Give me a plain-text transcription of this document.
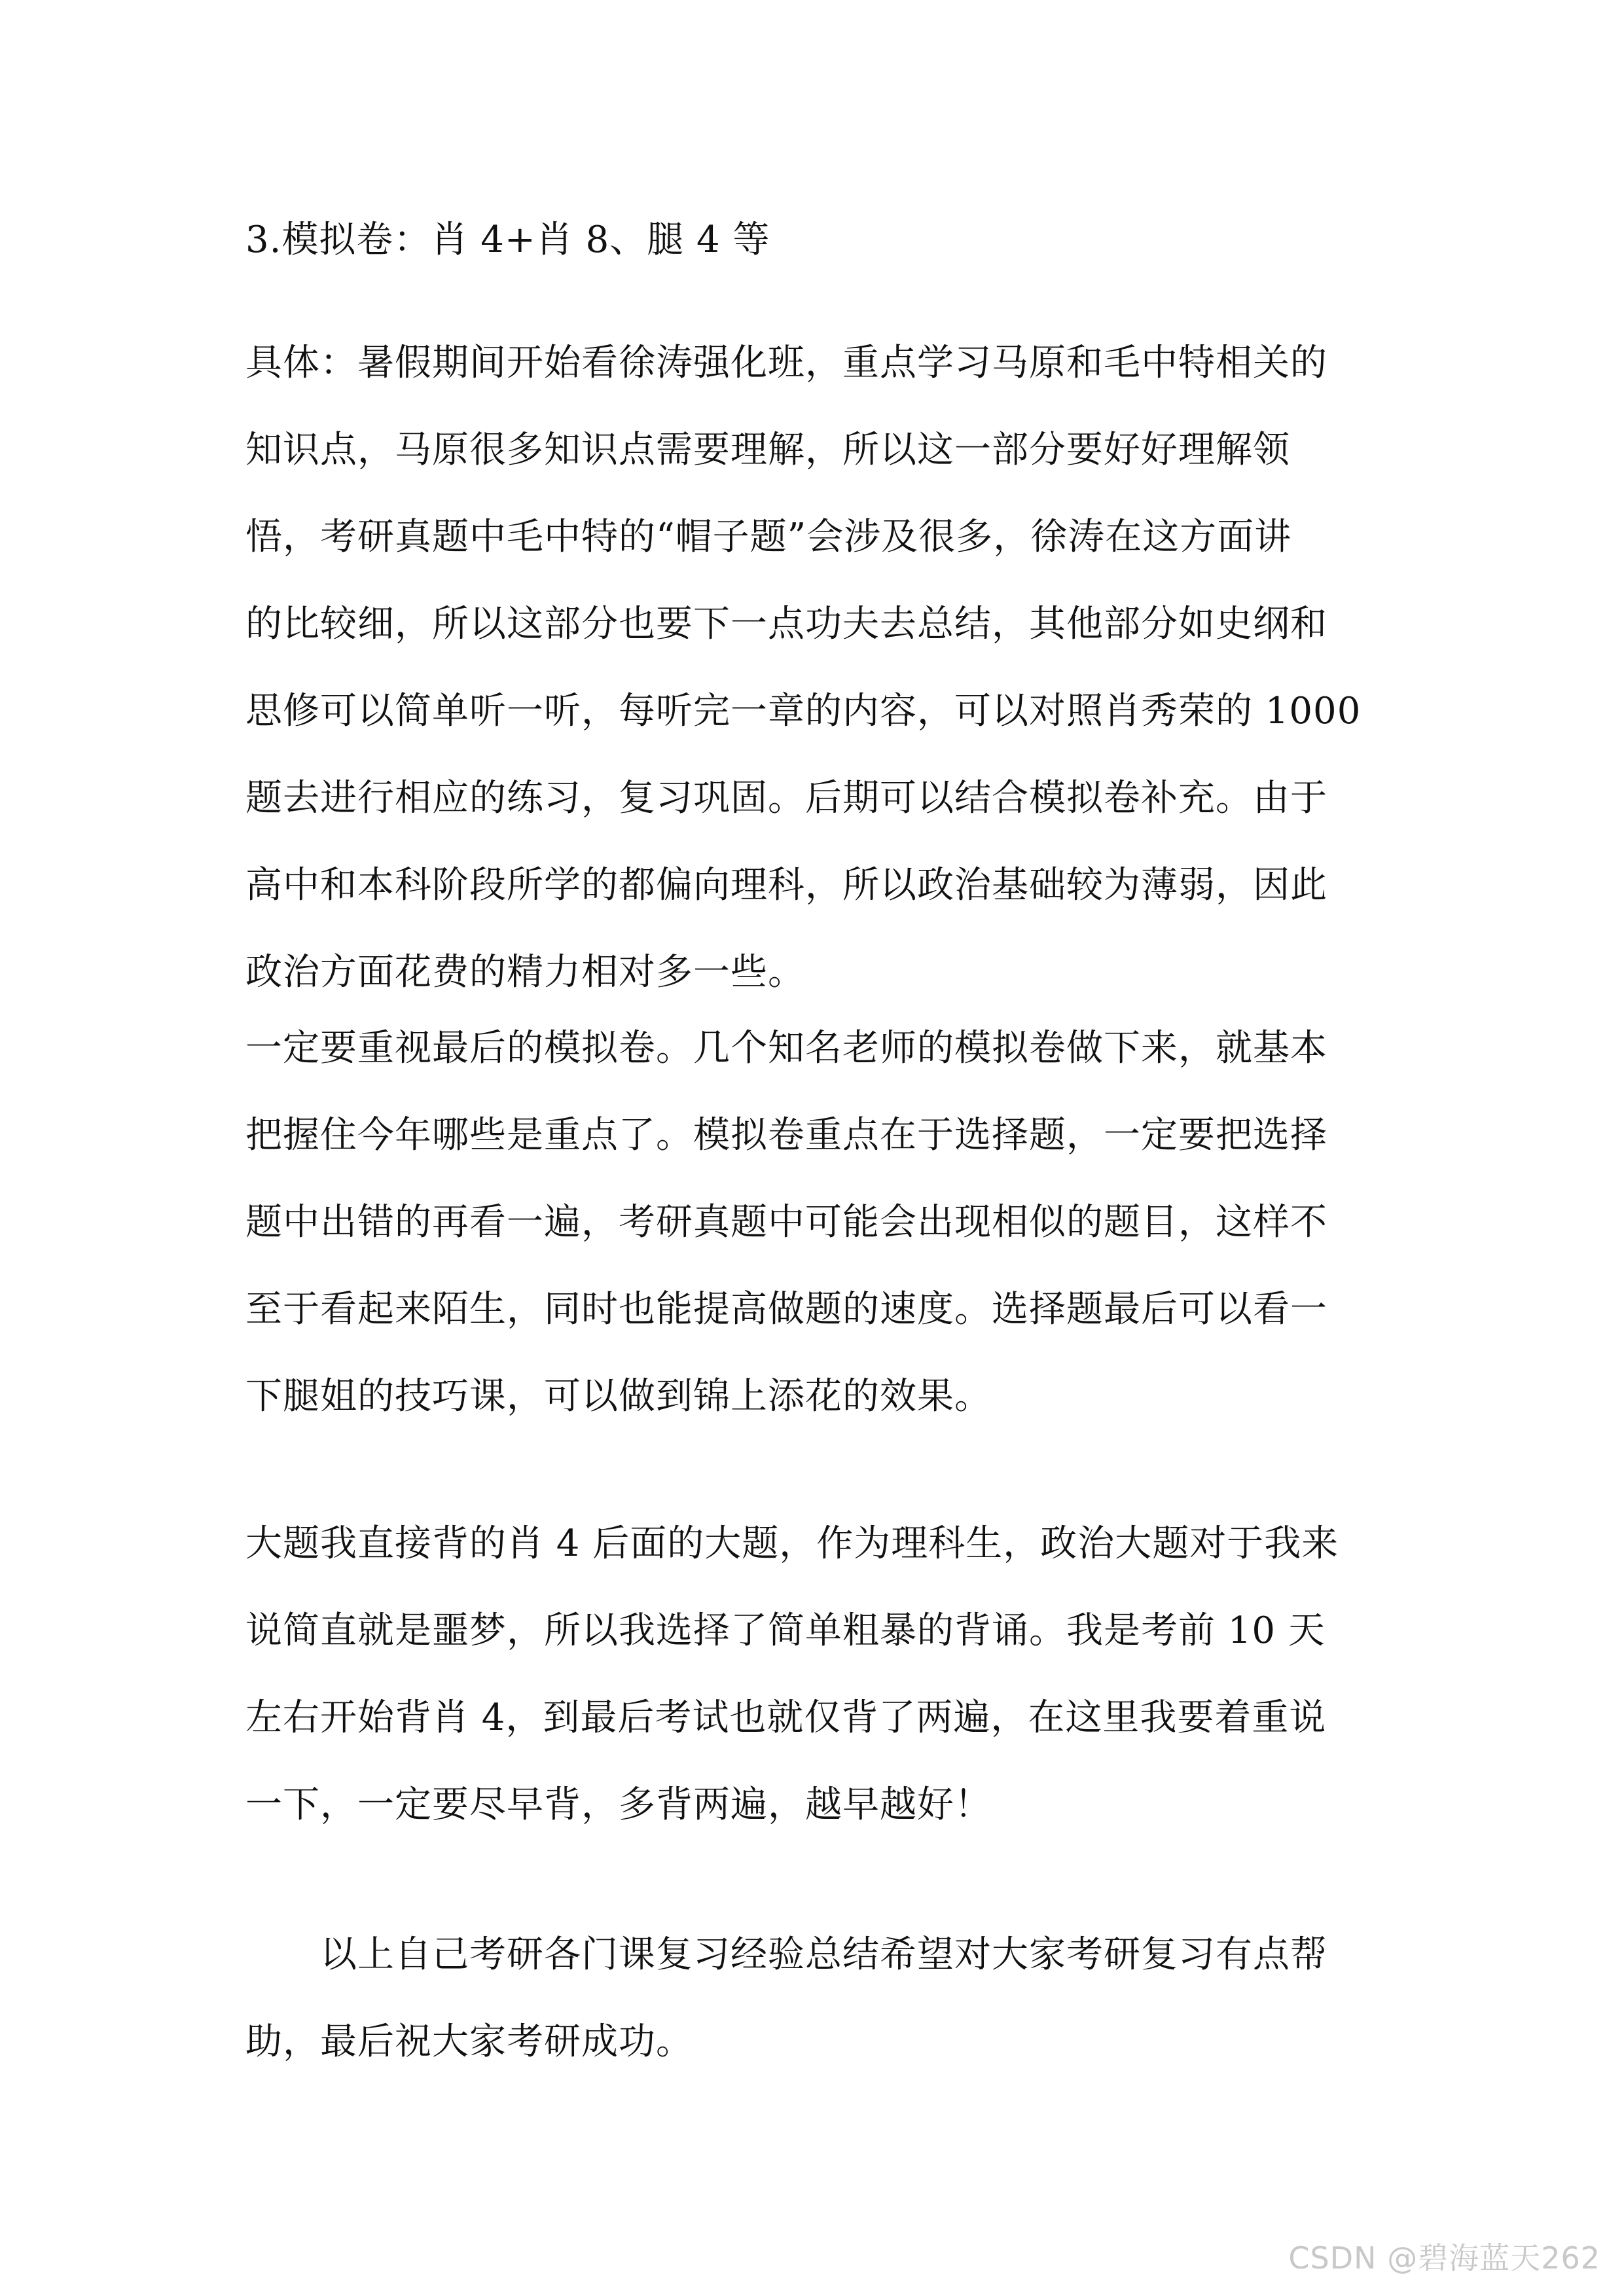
3.模拟卷：肖 4+肖 8、腿 4 等

具体：暑假期间开始看徐涛强化班，重点学习马原和毛中特相关的
知识点，马原很多知识点需要理解，所以这一部分要好好理解领
悟，考研真题中毛中特的“帽子题”会涉及很多，徐涛在这方面讲
的比较细，所以这部分也要下一点功夫去总结，其他部分如史纲和
思修可以简单听一听，每听完一章的内容，可以对照肖秀荣的 1000
题去进行相应的练习，复习巩固。后期可以结合模拟卷补充。由于
高中和本科阶段所学的都偏向理科，所以政治基础较为薄弱，因此
政治方面花费的精力相对多一些。

一定要重视最后的模拟卷。几个知名老师的模拟卷做下来，就基本
把握住今年哪些是重点了。模拟卷重点在于选择题，一定要把选择
题中出错的再看一遍，考研真题中可能会出现相似的题目，这样不
至于看起来陌生，同时也能提高做题的速度。选择题最后可以看一
下腿姐的技巧课，可以做到锦上添花的效果。

大题我直接背的肖 4 后面的大题，作为理科生，政治大题对于我来
说简直就是噩梦，所以我选择了简单粗暴的背诵。我是考前 10 天
左右开始背肖 4，到最后考试也就仅背了两遍，在这里我要着重说
一下，一定要尽早背，多背两遍，越早越好！

以上自己考研各门课复习经验总结希望对大家考研复习有点帮
助，最后祝大家考研成功。

CSDN @碧海蓝天262
